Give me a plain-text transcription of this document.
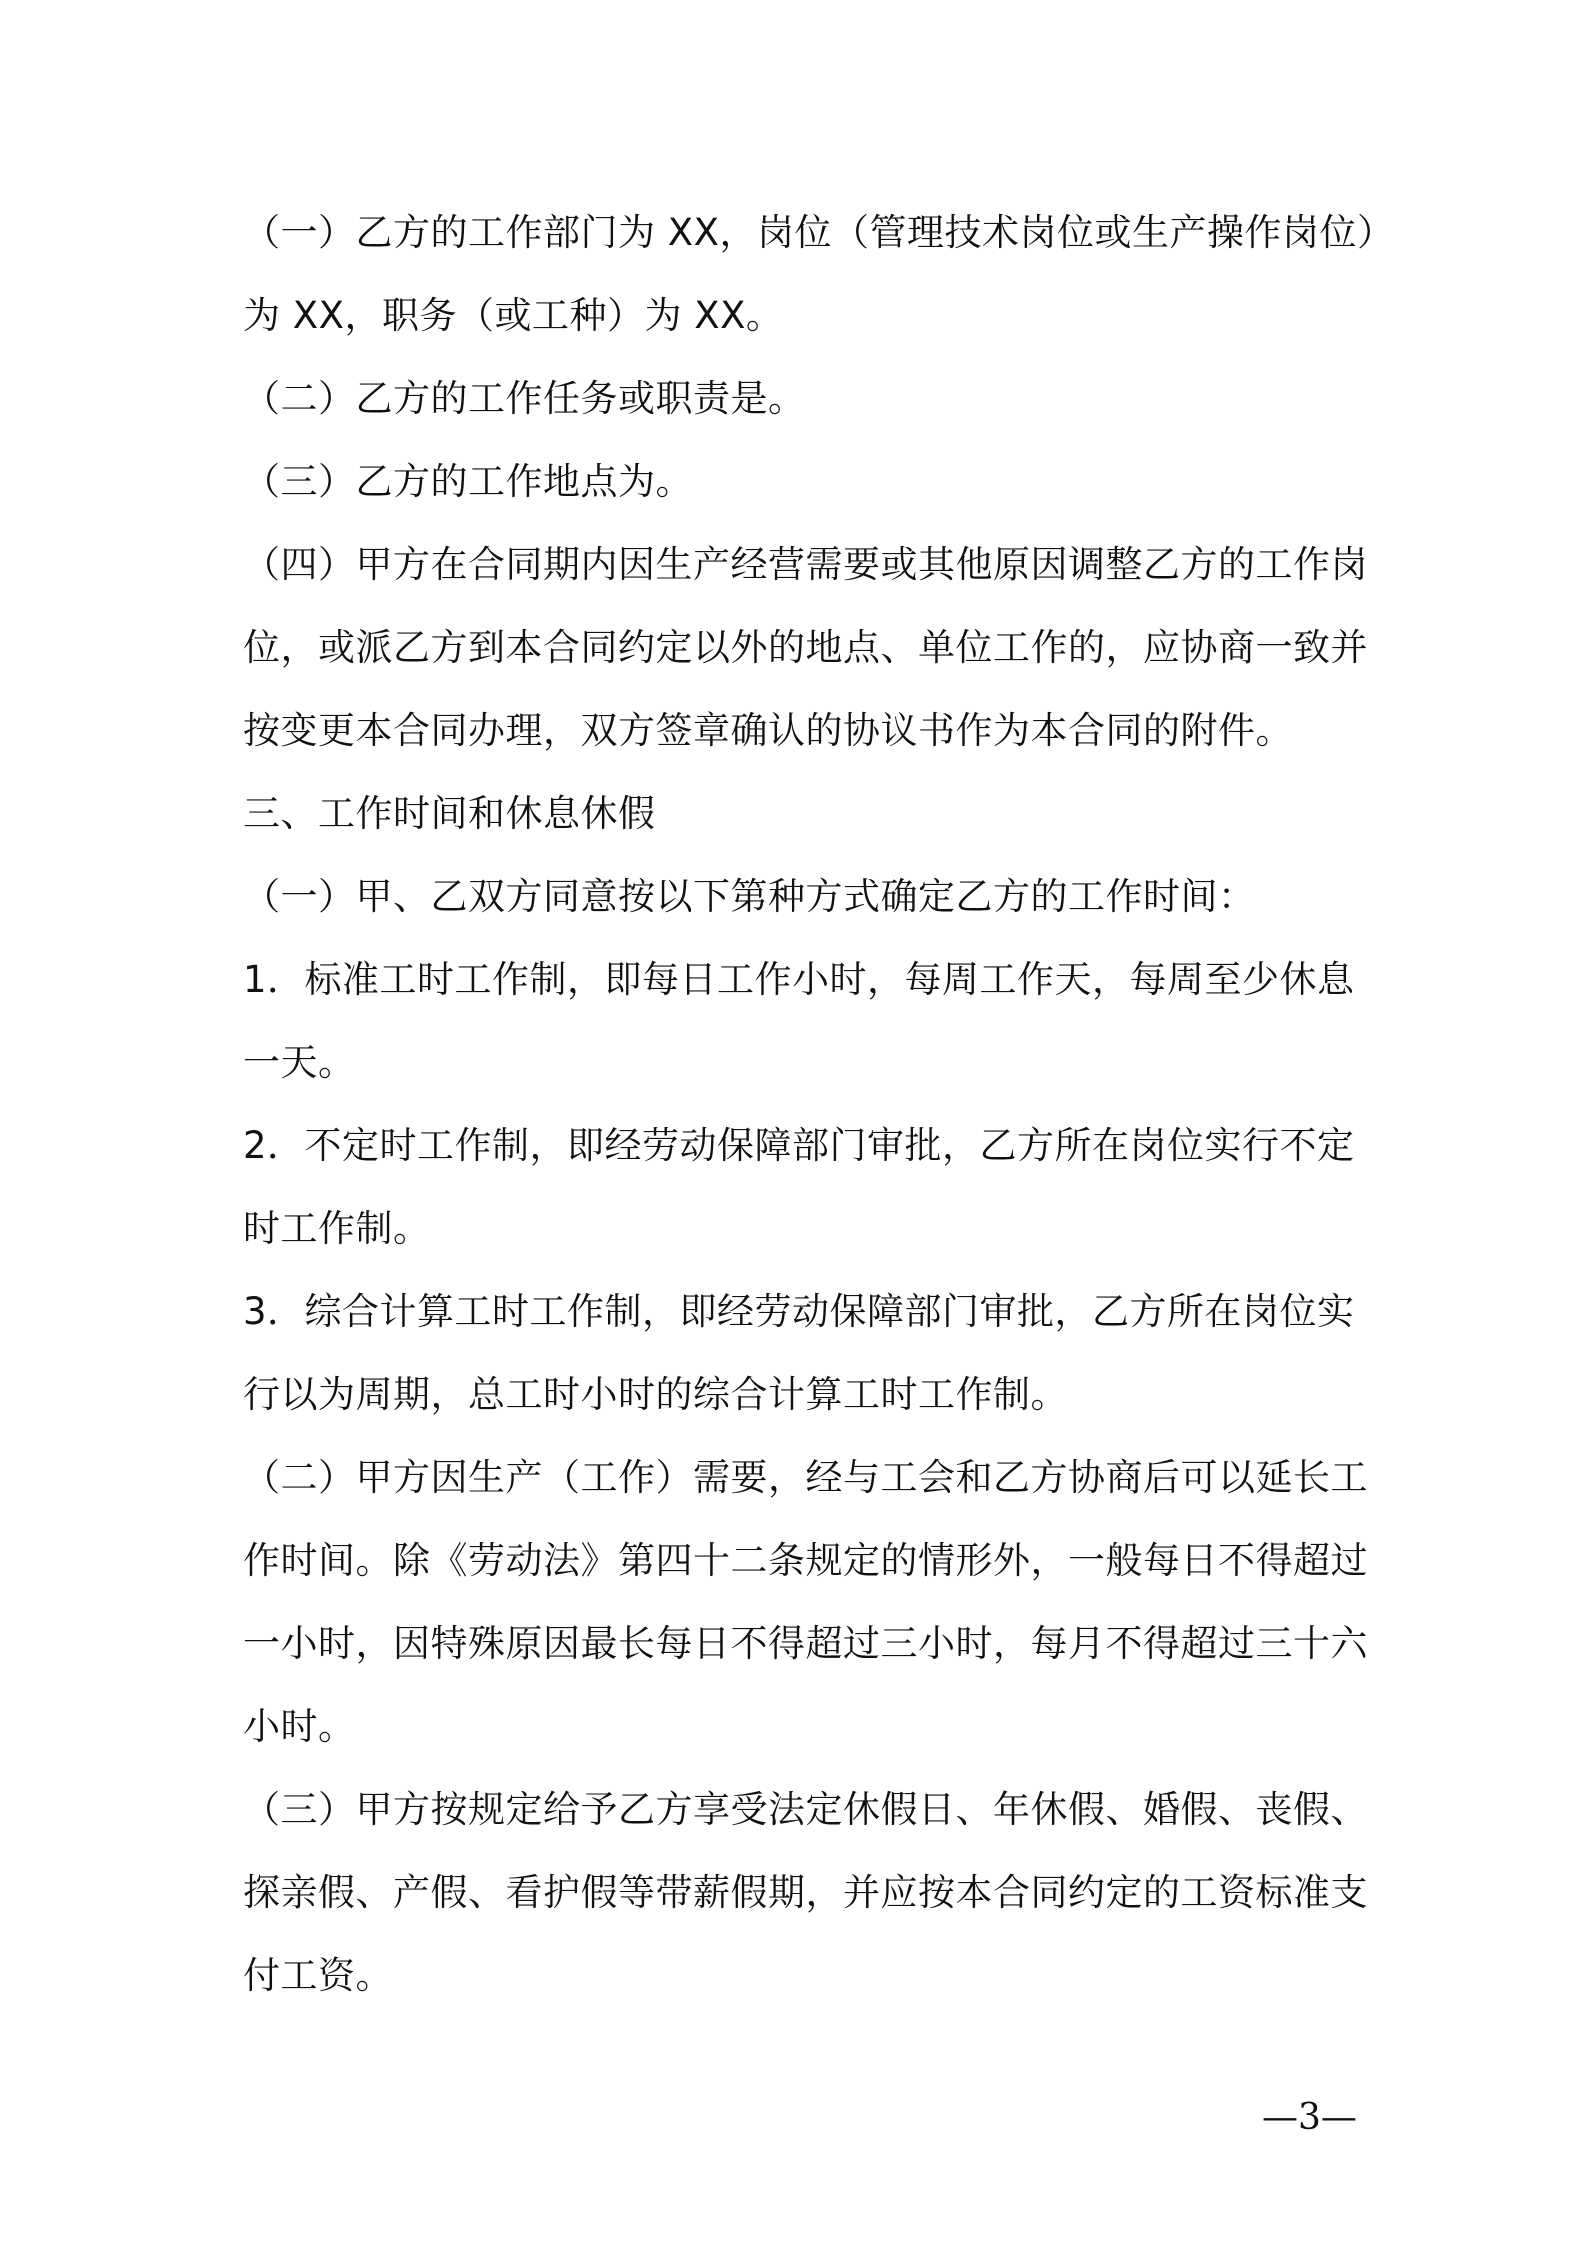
（一）乙方的工作部门为 XX，岗位（管理技术岗位或生产操作岗位）
为 XX，职务（或工种）为 XX。
（二）乙方的工作任务或职责是。
（三）乙方的工作地点为。
（四）甲方在合同期内因生产经营需要或其他原因调整乙方的工作岗
位，或派乙方到本合同约定以外的地点、单位工作的，应协商一致并
按变更本合同办理，双方签章确认的协议书作为本合同的附件。
三、工作时间和休息休假
（一）甲、乙双方同意按以下第种方式确定乙方的工作时间：
1．标准工时工作制，即每日工作小时，每周工作天，每周至少休息
一天。
2．不定时工作制，即经劳动保障部门审批，乙方所在岗位实行不定
时工作制。
3．综合计算工时工作制，即经劳动保障部门审批，乙方所在岗位实
行以为周期，总工时小时的综合计算工时工作制。
（二）甲方因生产（工作）需要，经与工会和乙方协商后可以延长工
作时间。除《劳动法》第四十二条规定的情形外，一般每日不得超过
一小时，因特殊原因最长每日不得超过三小时，每月不得超过三十六
小时。
（三）甲方按规定给予乙方享受法定休假日、年休假、婚假、丧假、
探亲假、产假、看护假等带薪假期，并应按本合同约定的工资标准支
付工资。
—3—
